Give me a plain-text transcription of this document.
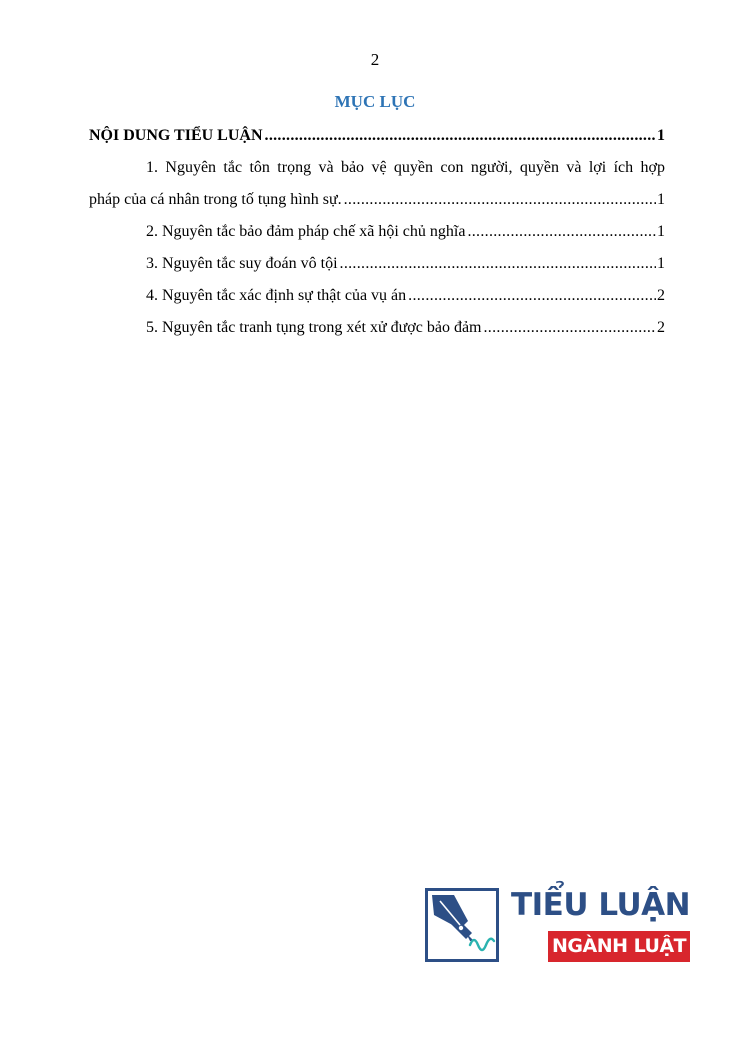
2
MỤC LỤC
NỘI DUNG TIỂU LUẬN .....	1
1. Nguyên tắc tôn trọng và bảo vệ quyền con người, quyền và lợi ích hợp
pháp của cá nhân trong tố tụng hình sự. .....	1
2. Nguyên tắc bảo đảm pháp chế xã hội chủ nghĩa .....	1
3. Nguyên tắc suy đoán vô tội .....	1
4. Nguyên tắc xác định sự thật của vụ án .....	2
5. Nguyên tắc tranh tụng trong xét xử được bảo đảm .....	2
TIỂU LUẬN
NGÀNH LUẬT
